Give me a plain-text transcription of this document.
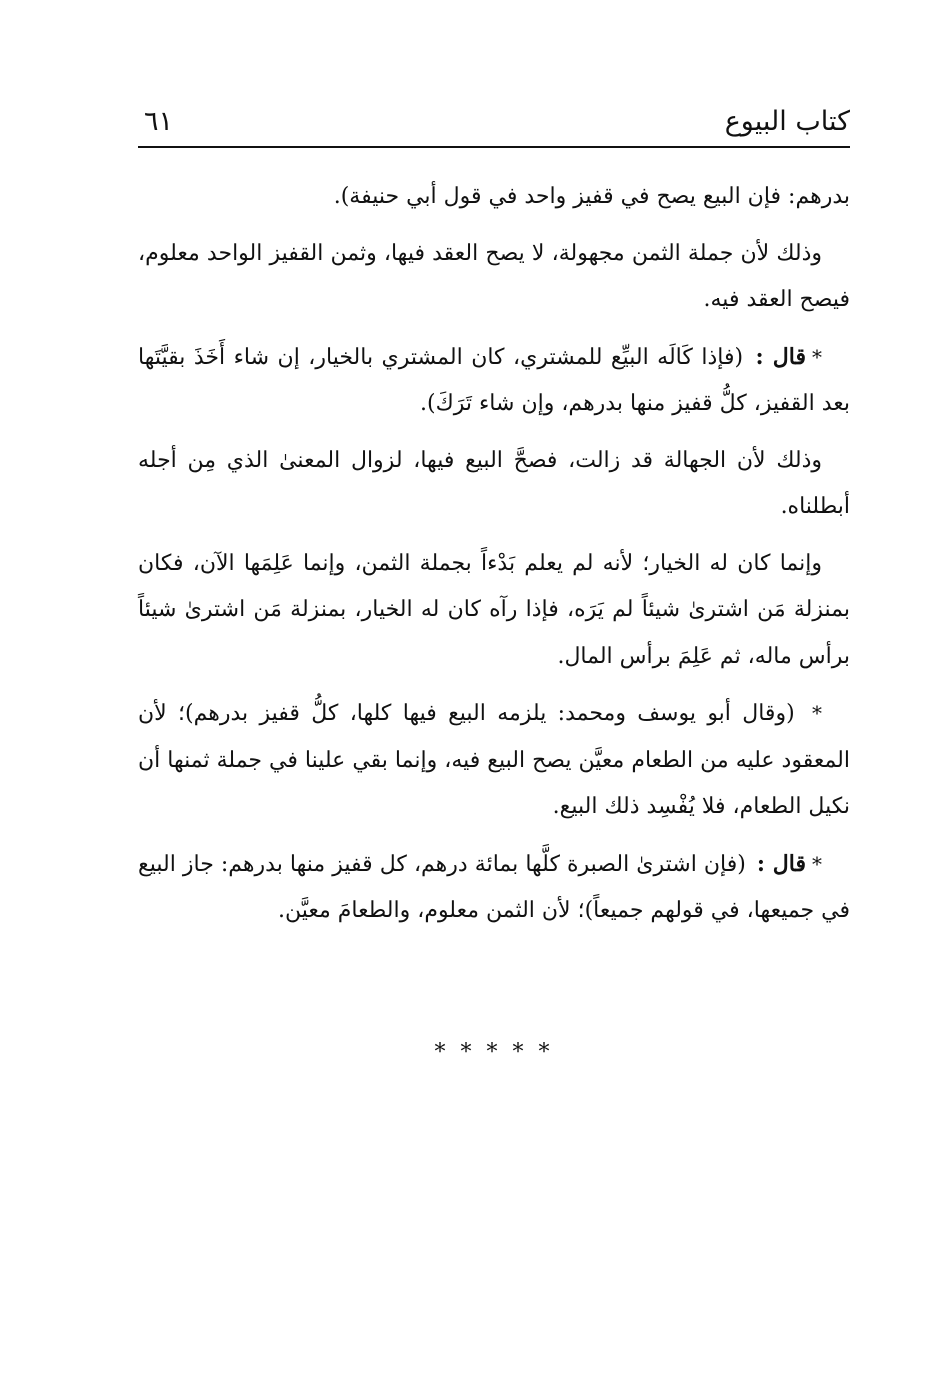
كتاب البيوع
٦١

بدرهم: فإن البيع يصح في قفيز واحد في قول أبي حنيفة).

وذلك لأن جملة الثمن مجهولة، لا يصح العقد فيها، وثمن القفيز الواحد معلوم، فيصح العقد فيه.

*قال : (فإذا كَالَه البيِّع للمشتري، كان المشتري بالخيار، إن شاء أَخَذَ بقيَّتَها بعد القفيز، كلُّ قفيز منها بدرهم، وإن شاء تَرَكَ).

وذلك لأن الجهالة قد زالت، فصحَّ البيع فيها، لزوال المعنىٰ الذي مِن أجله أبطلناه.

وإنما كان له الخيار؛ لأنه لم يعلم بَدْءاً بجملة الثمن، وإنما عَلِمَها الآن، فكان بمنزلة مَن اشترىٰ شيئاً لم يَرَه، فإذا رآه كان له الخيار، بمنزلة مَن اشترىٰ شيئاً برأس ماله، ثم عَلِمَ برأس المال.

* (وقال أبو يوسف ومحمد: يلزمه البيع فيها كلها، كلُّ قفيز بدرهم)؛ لأن المعقود عليه من الطعام معيَّن يصح البيع فيه، وإنما بقي علينا في جملة ثمنها أن نكيل الطعام، فلا يُفْسِد ذلك البيع.

*قال : (فإن اشترىٰ الصبرة كلَّها بمائة درهم، كل قفيز منها بدرهم: جاز البيع في جميعها، في قولهم جميعاً)؛ لأن الثمن معلوم، والطعامَ معيَّن.

* * * * *
